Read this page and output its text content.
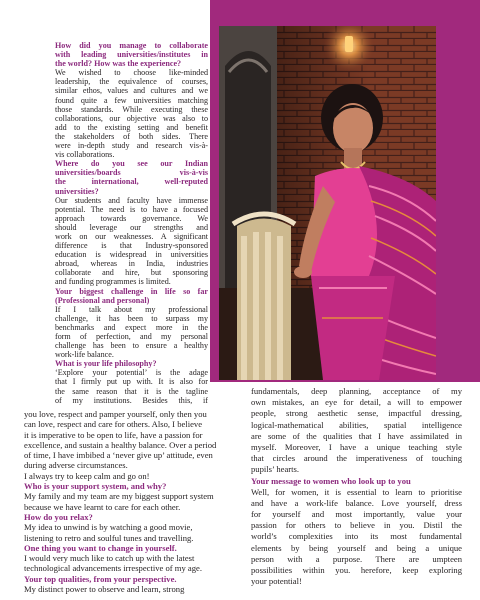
How did you manage to collaborate
with leading universities/institutes in
the world? How was the experience?
We wished to choose like-minded
leadership, the equivalence of courses,
similar ethos, values and cultures and we
found quite a few universities matching
those standards. While executing these
collaborations, our objective was also to
add to the existing setting and benefit
the stakeholders of both sides. There
were in-depth study and research vis-à-
vis collaborations.
Where do you see our Indian
universities/boards vis-à-vis
the international, well-reputed
universities?
Our students and faculty have immense
potential. The need is to have a focused
approach towards governance. We
should leverage our strengths and
work on our weaknesses. A significant
difference is that Industry-sponsored
education is widespread in universities
abroad, whereas in India, industries
collaborate and hire, but sponsoring
and funding programmes is limited.
Your biggest challenge in life so far
(Professional and personal)
If I talk about my professional
challenge, it has been to surpass my
benchmarks and expect more in the
form of perfection, and my personal
challenge has been to ensure a healthy
work-life balance.
What is your life philosophy?
‘Explore your potential’ is the adage
that I firmly put up with. It is also for
the same reason that it is the tagline
of my institutions. Besides this, if
you love, respect and pamper yourself, only then you
can love, respect and care for others. Also, I believe
it is imperative to be open to life, have a passion for
excellence, and sustain a healthy balance. Over a period
of time, I have imbibed a ‘never give up’ attitude, even
during adverse circumstances.
I always try to keep calm and go on!
Who is your support system, and why?
My family and my team are my biggest support system
because we have learnt to care for each other.
How do you relax?
My idea to unwind is by watching a good movie,
listening to retro and soulful tunes and travelling.
One thing you want to change in yourself.
I would very much like to catch up with the latest
technological advancements irrespective of my age.
Your top qualities, from your perspective.
My distinct power to observe and learn, strong
fundamentals, deep planning, acceptance of my
own mistakes, an eye for detail, a will to empower
people, strong aesthetic sense, impactful dressing,
logical-mathematical abilities, spatial intelligence
are some of the qualities that I have assimilated in
myself. Moreover, I have a unique teaching style
that circles around the imperativeness of touching
pupils’ hearts.
Your message to women who look up to you
Well, for women, it is essential to learn to prioritise
and have a work-life balance. Love yourself, dress
for yourself and most importantly, value your
passion for others to believe in you. Distil the
world’s complexities into its most fundamental
elements by being yourself and being a unique
person with a purpose. There are umpteen
possibilities within you. herefore, keep exploring
your potential!
